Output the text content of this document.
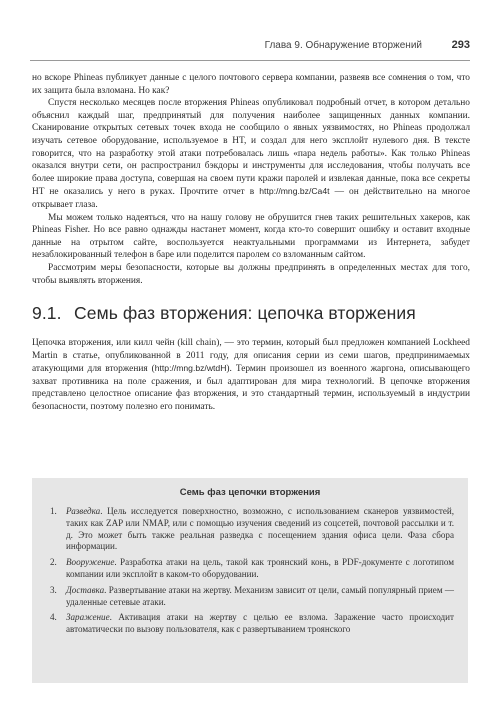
Глава 9. Обнаружение вторжений	293

но вскоре Phineas публикует данные с целого почтового сервера компании, развеяв все сомнения о том, что их защита была взломана. Но как?

Спустя несколько месяцев после вторжения Phineas опубликовал подробный отчет, в котором детально объяснил каждый шаг, предпринятый для получения наиболее защищенных данных компании. Сканирование открытых сетевых точек входа не сообщило о явных уязвимостях, но Phineas продолжал изучать сетевое оборудование, используемое в HT, и создал для него эксплойт нулевого дня. В тексте говорится, что на разработку этой атаки потребовалась лишь «пара недель работы». Как только Phineas оказался внутри сети, он распространил бэкдоры и инструменты для исследования, чтобы получать все более широкие права доступа, совершая на своем пути кражи паролей и извлекая данные, пока все секреты HT не оказались у него в руках. Прочтите отчет в http://mng.bz/Ca4t — он действительно на многое открывает глаза.

Мы можем только надеяться, что на нашу голову не обрушится гнев таких решительных хакеров, как Phineas Fisher. Но все равно однажды настанет момент, когда кто-то совершит ошибку и оставит входные данные на отрытом сайте, воспользуется неактуальными программами из Интернета, забудет незаблокированный телефон в баре или поделится паролем со взломанным сайтом.

Рассмотрим меры безопасности, которые вы должны предпринять в определенных местах для того, чтобы выявлять вторжения.

9.1. Семь фаз вторжения: цепочка вторжения

Цепочка вторжения, или килл чейн (kill chain), — это термин, который был предложен компанией Lockheed Martin в статье, опубликованной в 2011 году, для описания серии из семи шагов, предпринимаемых атакующими для вторжения (http://mng.bz/wtdH). Термин произошел из военного жаргона, описывающего захват противника на поле сражения, и был адаптирован для мира технологий. В цепочке вторжения представлено целостное описание фаз вторжения, и это стандартный термин, используемый в индустрии безопасности, поэтому полезно его понимать.

Семь фаз цепочки вторжения
1. Разведка. Цель исследуется поверхностно, возможно, с использованием сканеров уязвимостей, таких как ZAP или NMAP, или с помощью изучения сведений из соцсетей, почтовой рассылки и т. д. Это может быть также реальная разведка с посещением здания офиса цели. Фаза сбора информации.
2. Вооружение. Разработка атаки на цель, такой как троянский конь, в PDF-документе с логотипом компании или эксплойт в каком-то оборудовании.
3. Доставка. Развертывание атаки на жертву. Механизм зависит от цели, самый популярный прием — удаленные сетевые атаки.
4. Заражение. Активация атаки на жертву с целью ее взлома. Заражение часто происходит автоматически по вызову пользователя, как с развертыванием троянского
